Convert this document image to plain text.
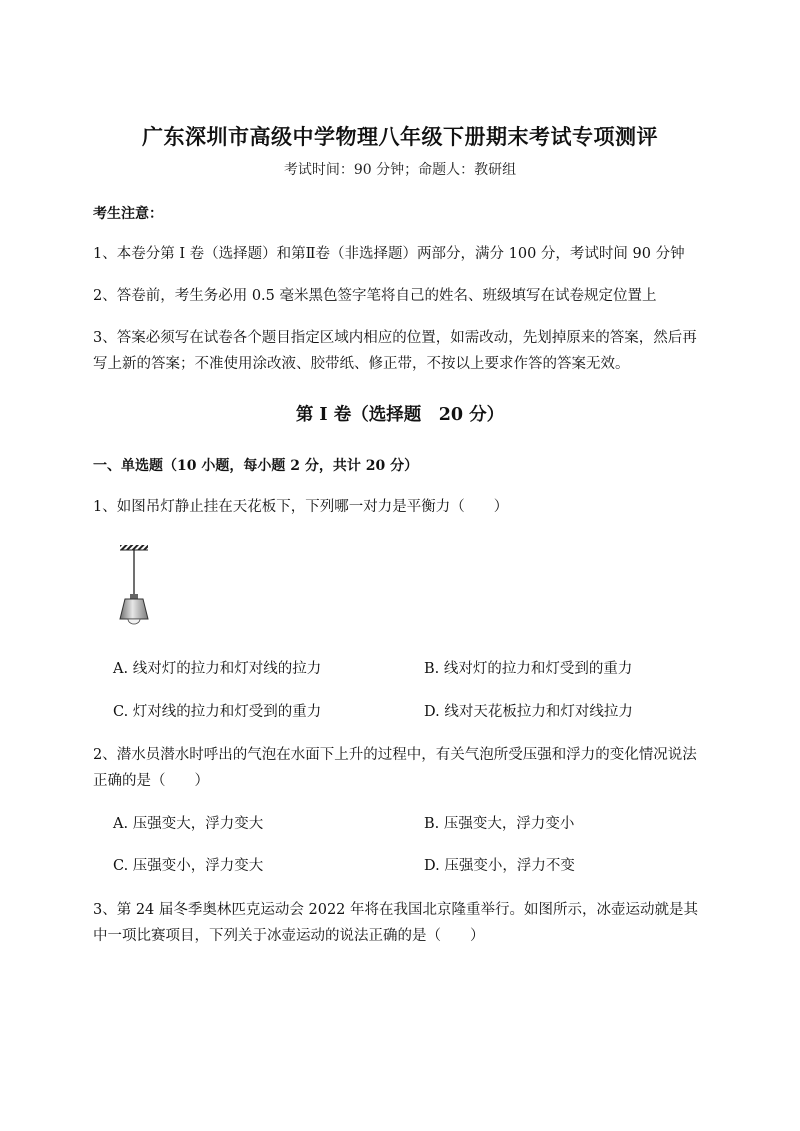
广东深圳市高级中学物理八年级下册期末考试专项测评
考试时间：90 分钟；命题人：教研组
考生注意：
1、本卷分第 I 卷（选择题）和第Ⅱ卷（非选择题）两部分，满分 100 分，考试时间 90 分钟
2、答卷前，考生务必用 0.5 毫米黑色签字笔将自己的姓名、班级填写在试卷规定位置上
3、答案必须写在试卷各个题目指定区域内相应的位置，如需改动，先划掉原来的答案，然后再写上新的答案；不准使用涂改液、胶带纸、修正带，不按以上要求作答的答案无效。
第 I 卷（选择题　20 分）
一、单选题（10 小题，每小题 2 分，共计 20 分）
1、如图吊灯静止挂在天花板下，下列哪一对力是平衡力（　　）
A. 线对灯的拉力和灯对线的拉力	B. 线对灯的拉力和灯受到的重力
C. 灯对线的拉力和灯受到的重力	D. 线对天花板拉力和灯对线拉力
2、潜水员潜水时呼出的气泡在水面下上升的过程中，有关气泡所受压强和浮力的变化情况说法正确的是（　　）
A. 压强变大，浮力变大	B. 压强变大，浮力变小
C. 压强变小，浮力变大	D. 压强变小，浮力不变
3、第 24 届冬季奥林匹克运动会 2022 年将在我国北京隆重举行。如图所示，冰壶运动就是其中一项比赛项目，下列关于冰壶运动的说法正确的是（　　）
